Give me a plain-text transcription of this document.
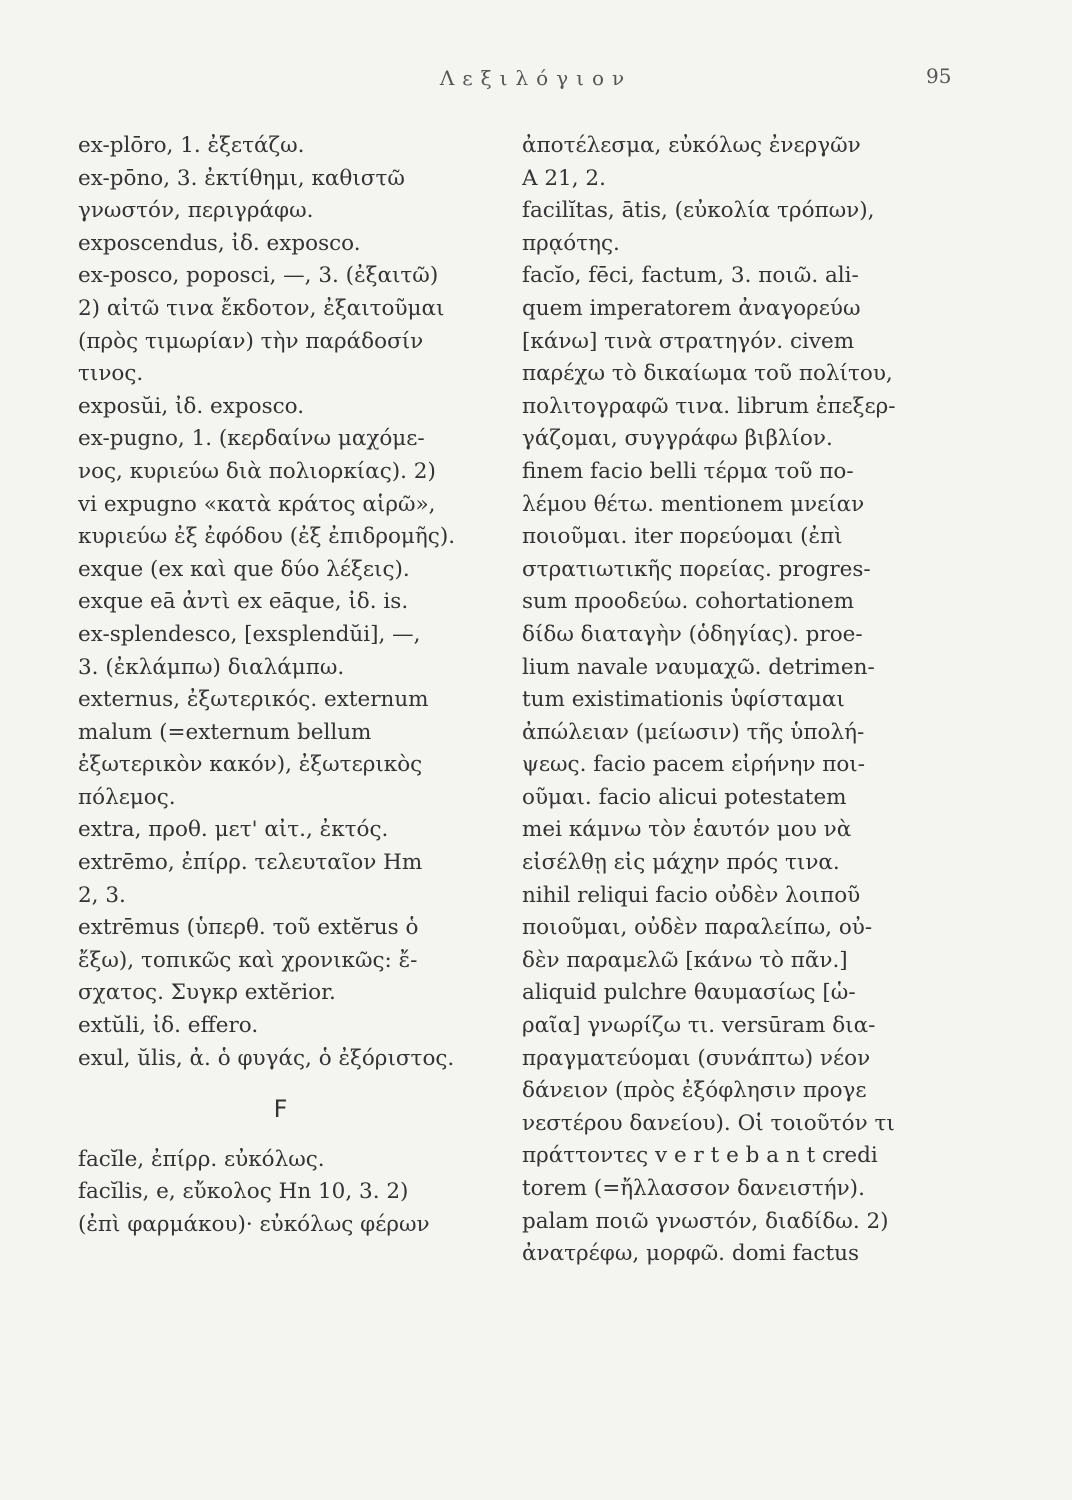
Λεξιλόγιον	95
ex-plōro, 1. ἐξετάζω.
ex-pōno, 3. ἐκτίθημι, καθιστῶ
γνωστόν, περιγράφω.
exposcendus, ἰδ. exposco.
ex-posco, poposci, —, 3. (ἐξαιτῶ)
2) αἰτῶ τινα ἔκδοτον, ἐξαιτοῦμαι
(πρὸς τιμωρίαν) τὴν παράδοσίν
τινος.
exposŭi, ἰδ. exposco.
ex-pugno, 1. (κερδαίνω μαχόμε-
νος, κυριεύω διὰ πολιορκίας). 2)
vi expugno «κατὰ κράτος αἱρῶ»,
κυριεύω ἐξ ἐφόδου (ἐξ ἐπιδρομῆς).
exque (ex καὶ que δύο λέξεις).
exque eā ἀντὶ ex eāque, ἰδ. is.
ex-splendesco, [exsplendŭi], —,
3. (ἐκλάμπω) διαλάμπω.
externus, ἐξωτερικός. externum
malum (=externum bellum
ἐξωτερικὸν κακόν), ἐξωτερικὸς
πόλεμος.
extra, προθ. μετ' αἰτ., ἐκτός.
extrēmo, ἐπίρρ. τελευταῖον Hm
2, 3.
extrēmus (ὑπερθ. τοῦ extĕrus ὁ
ἔξω), τοπικῶς καὶ χρονικῶς: ἔ-
σχατος. Συγκρ extĕrior.
extŭli, ἰδ. effero.
exul, ŭlis, ἀ. ὁ φυγάς, ὁ ἐξόριστος.
F
facĭle, ἐπίρρ. εὐκόλως.
facĭlis, e, εὔκολος Hn 10, 3. 2)
(ἐπὶ φαρμάκου)· εὐκόλως φέρων
ἀποτέλεσμα, εὐκόλως ἐνεργῶν
A 21, 2.
facilĭtas, ātis, (εὐκολία τρόπων),
πρᾳότης.
facĭo, fēci, factum, 3. ποιῶ. ali-
quem imperatorem ἀναγορεύω
[κάνω] τινὰ στρατηγόν. civem
παρέχω τὸ δικαίωμα τοῦ πολίτου,
πολιτογραφῶ τινα. librum ἐπεξερ-
γάζομαι, συγγράφω βιβλίον.
finem facio belli τέρμα τοῦ πο-
λέμου θέτω. mentionem μνείαν
ποιοῦμαι. iter πορεύομαι (ἐπὶ
στρατιωτικῆς πορείας. progres-
sum προοδεύω. cohortationem
δίδω διαταγὴν (ὁδηγίας). proe-
lium navale ναυμαχῶ. detrimen-
tum existimationis ὑφίσταμαι
ἀπώλειαν (μείωσιν) τῆς ὑπολή-
ψεως. facio pacem εἰρήνην ποι-
οῦμαι. facio alicui potestatem
mei κάμνω τὸν ἑαυτόν μου νὰ
εἰσέλθῃ εἰς μάχην πρός τινα.
nihil reliqui facio οὐδὲν λοιποῦ
ποιοῦμαι, οὐδὲν παραλείπω, οὐ-
δὲν παραμελῶ [κάνω τὸ πᾶν.]
aliquid pulchre θαυμασίως [ὡ-
ραῖα] γνωρίζω τι. versūram δια-
πραγματεύομαι (συνάπτω) νέον
δάνειον (πρὸς ἐξόφλησιν προγε
νεστέρου δανείου). Οἱ τοιοῦτόν τι
πράττοντες v e r t e b a n t credi
torem (=ἤλλασσον δανειστήν).
palam ποιῶ γνωστόν, διαδίδω. 2)
ἀνατρέφω, μορφῶ. domi factus
